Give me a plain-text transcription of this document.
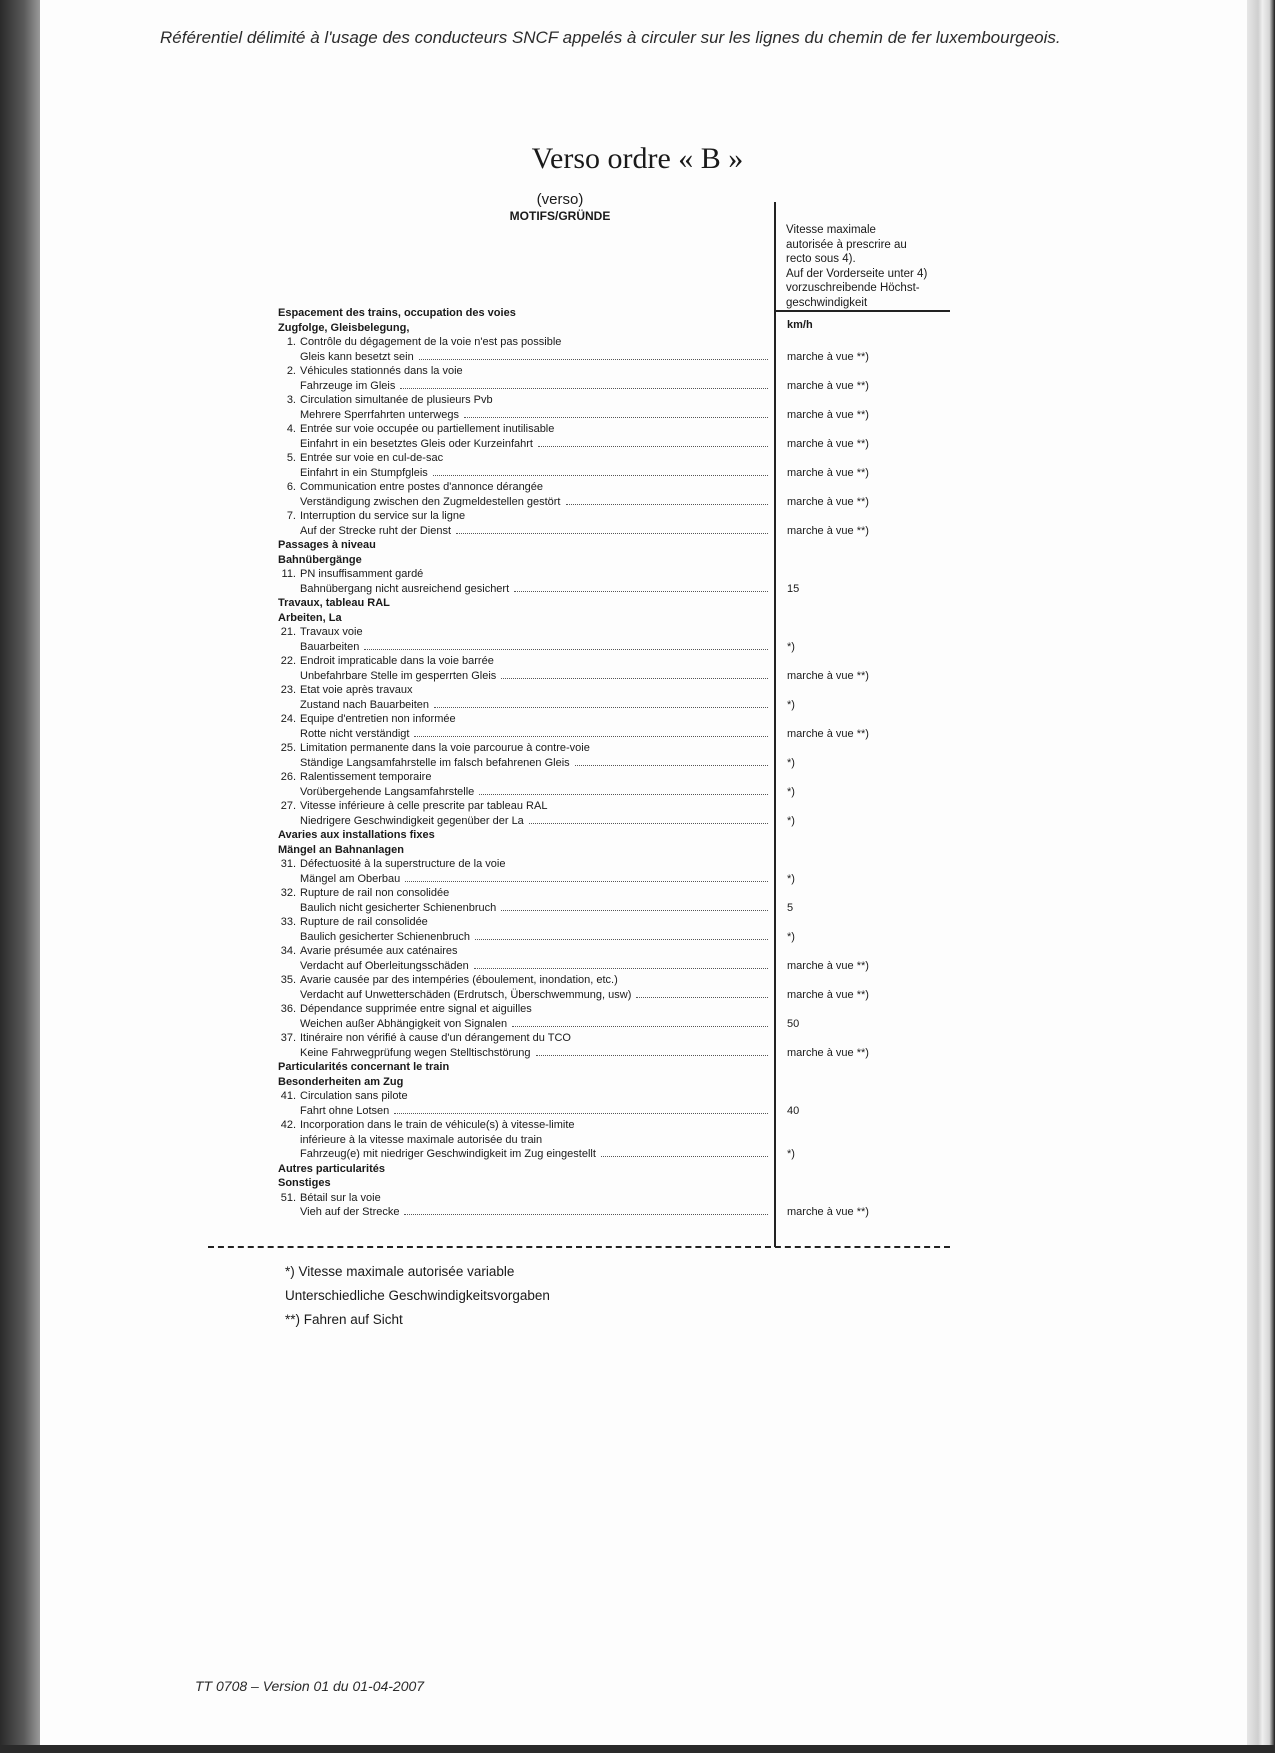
Référentiel délimité à l'usage des conducteurs SNCF appelés à circuler sur les lignes du chemin de fer luxembourgeois.
Verso ordre « B »
(verso)
MOTIFS/GRÜNDE
Vitesse maximale
autorisée à prescrire au
recto sous 4).
Auf der Vorderseite unter 4)
vorzuschreibende Höchst-
geschwindigkeit
Espacement des trains, occupation des voies
km/h
Zugfolge, Gleisbelegung,
1. Contrôle du dégagement de la voie n'est pas possible
Gleis kann besetzt sein	marche à vue **)
2. Véhicules stationnés dans la voie
Fahrzeuge im Gleis	marche à vue **)
3. Circulation simultanée de plusieurs Pvb
Mehrere Sperrfahrten unterwegs	marche à vue **)
4. Entrée sur voie occupée ou partiellement inutilisable
Einfahrt in ein besetztes Gleis oder Kurzeinfahrt	marche à vue **)
5. Entrée sur voie en cul-de-sac
Einfahrt in ein Stumpfgleis	marche à vue **)
6. Communication entre postes d'annonce dérangée
Verständigung zwischen den Zugmeldestellen gestört	marche à vue **)
7. Interruption du service sur la ligne
Auf der Strecke ruht der Dienst	marche à vue **)
Passages à niveau
Bahnübergänge
11. PN insuffisamment gardé
Bahnübergang nicht ausreichend gesichert	15
Travaux, tableau RAL
Arbeiten, La
21. Travaux voie
Bauarbeiten	*)
22. Endroit impraticable dans la voie barrée
Unbefahrbare Stelle im gesperrten Gleis	marche à vue **)
23. Etat voie après travaux
Zustand nach Bauarbeiten	*)
24. Equipe d'entretien non informée
Rotte nicht verständigt	marche à vue **)
25. Limitation permanente dans la voie parcourue à contre-voie
Ständige Langsamfahrstelle im falsch befahrenen Gleis	*)
26. Ralentissement temporaire
Vorübergehende Langsamfahrstelle	*)
27. Vitesse inférieure à celle prescrite par tableau RAL
Niedrigere Geschwindigkeit gegenüber der La	*)
Avaries aux installations fixes
Mängel an Bahnanlagen
31. Défectuosité à la superstructure de la voie
Mängel am Oberbau	*)
32. Rupture de rail non consolidée
Baulich nicht gesicherter Schienenbruch	5
33. Rupture de rail consolidée
Baulich gesicherter Schienenbruch	*)
34. Avarie présumée aux caténaires
Verdacht auf Oberleitungsschäden	marche à vue **)
35. Avarie causée par des intempéries (éboulement, inondation, etc.)
Verdacht auf Unwetterschäden (Erdrutsch, Überschwemmung, usw)	marche à vue **)
36. Dépendance supprimée entre signal et aiguilles
Weichen außer Abhängigkeit von Signalen	50
37. Itinéraire non vérifié à cause d'un dérangement du TCO
Keine Fahrwegprüfung wegen Stelltischstörung	marche à vue **)
Particularités concernant le train
Besonderheiten am Zug
41. Circulation sans pilote
Fahrt ohne Lotsen	40
42. Incorporation dans le train de véhicule(s) à vitesse-limite
inférieure à la vitesse maximale autorisée du train
Fahrzeug(e) mit niedriger Geschwindigkeit im Zug eingestellt	*)
Autres particularités
Sonstiges
51. Bétail sur la voie
Vieh auf der Strecke	marche à vue **)
*) Vitesse maximale autorisée variable
Unterschiedliche Geschwindigkeitsvorgaben
**) Fahren auf Sicht
TT 0708 – Version 01 du 01-04-2007
